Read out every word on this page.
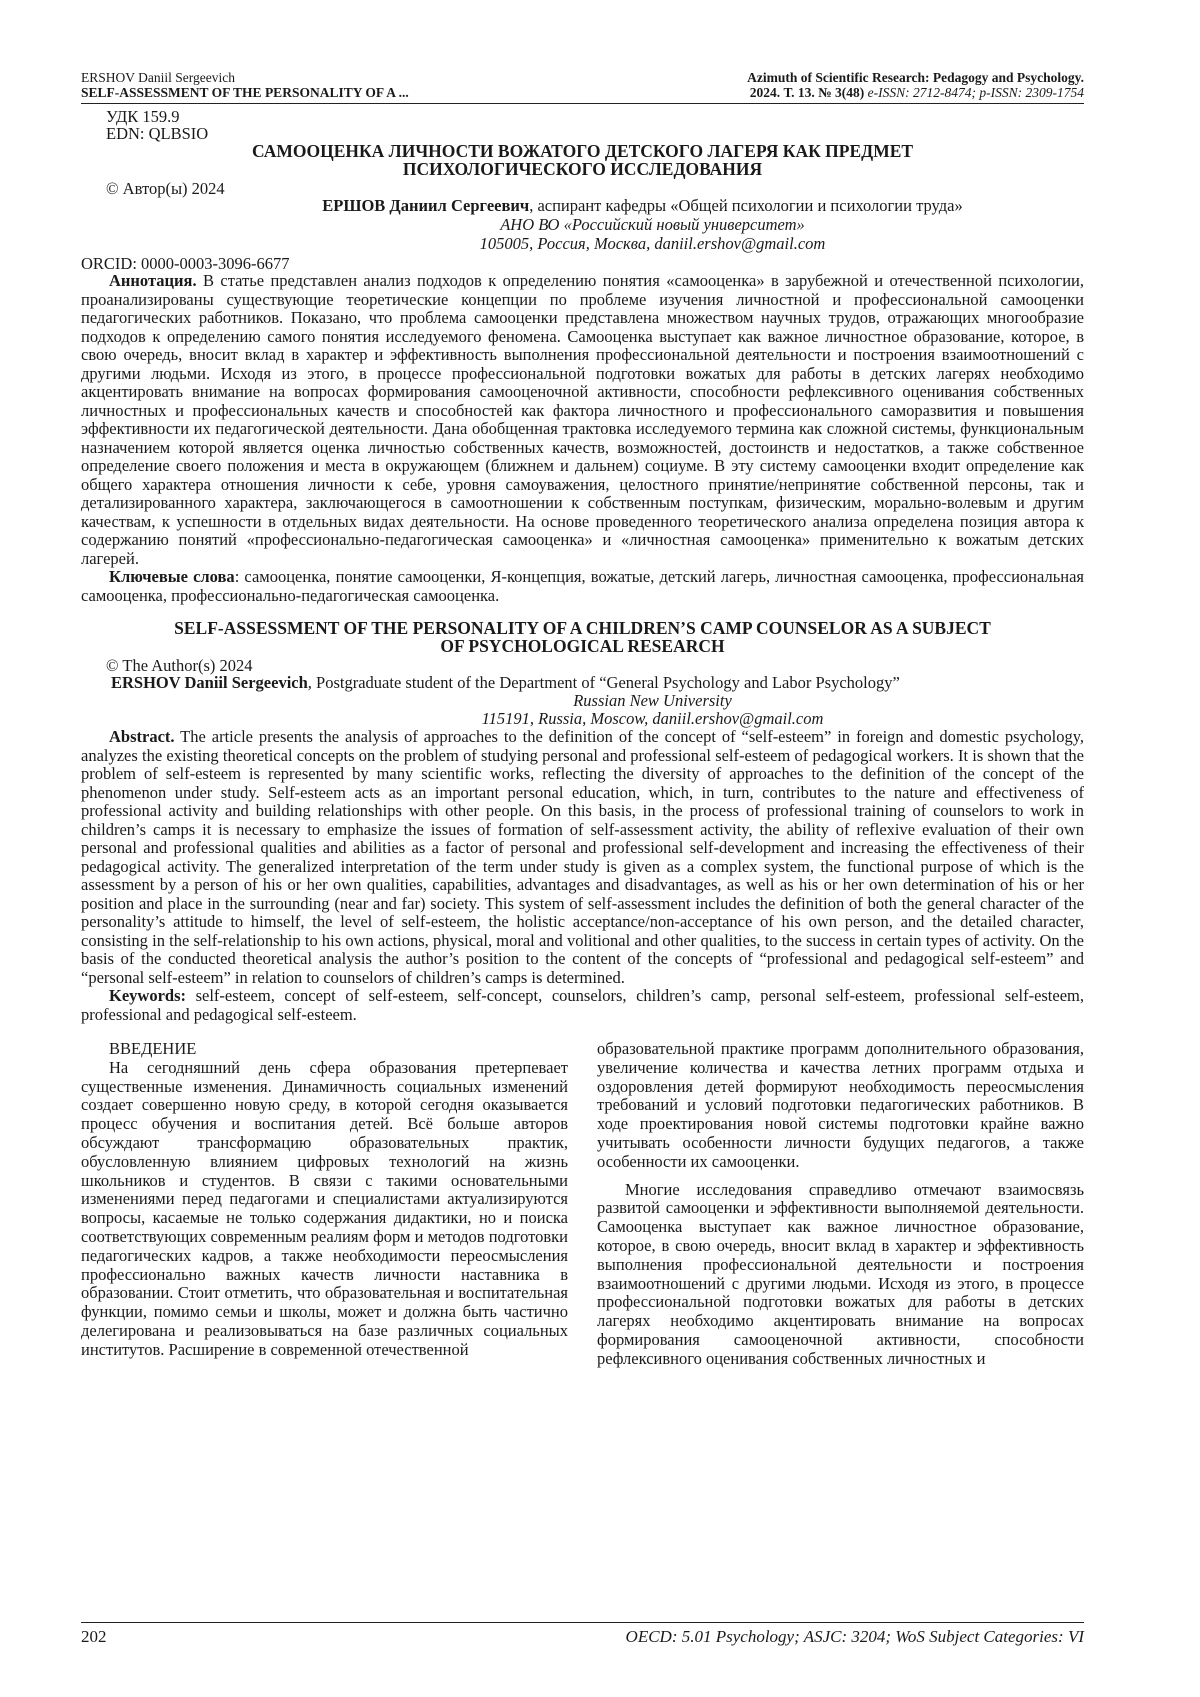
ERSHOV Daniil Sergeevich
SELF-ASSESSMENT OF THE PERSONALITY OF A ...
Azimuth of Scientific Research: Pedagogy and Psychology.
2024. Т. 13. № 3(48) e-ISSN: 2712-8474; p-ISSN: 2309-1754
УДК 159.9
EDN: QLBSIO
САМООЦЕНКА ЛИЧНОСТИ ВОЖАТОГО ДЕТСКОГО ЛАГЕРЯ КАК ПРЕДМЕТ
ПСИХОЛОГИЧЕСКОГО ИССЛЕДОВАНИЯ
© Автор(ы) 2024
ЕРШОВ Даниил Сергеевич, аспирант кафедры «Общей психологии и психологии труда»
АНО ВО «Российский новый университет»
105005, Россия, Москва, daniil.ershov@gmail.com
ORCID: 0000-0003-3096-6677

Аннотация. В статье представлен анализ подходов к определению понятия «самооценка» в зарубежной и отечественной психологии, проанализированы существующие теоретические концепции по проблеме изучения личностной и профессиональной самооценки педагогических работников. Показано, что проблема самооценки представлена множеством научных трудов, отражающих многообразие подходов к определению самого понятия исследуемого феномена. Самооценка выступает как важное личностное образование, которое, в свою очередь, вносит вклад в характер и эффективность выполнения профессиональной деятельности и построения взаимоотношений с другими людьми. Исходя из этого, в процессе профессиональной подготовки вожатых для работы в детских лагерях необходимо акцентировать внимание на вопросах формирования самооценочной активности, способности рефлексивного оценивания собственных личностных и профессиональных качеств и способностей как фактора личностного и профессионального саморазвития и повышения эффективности их педагогической деятельности. Дана обобщенная трактовка исследуемого термина как сложной системы, функциональным назначением которой является оценка личностью собственных качеств, возможностей, достоинств и недостатков, а также собственное определение своего положения и места в окружающем (ближнем и дальнем) социуме. В эту систему самооценки входит определение как общего характера отношения личности к себе, уровня самоуважения, целостного принятие/непринятие собственной персоны, так и детализированного характера, заключающегося в самоотношении к собственным поступкам, физическим, морально-волевым и другим качествам, к успешности в отдельных видах деятельности. На основе проведенного теоретического анализа определена позиция автора к содержанию понятий «профессионально-педагогическая самооценка» и «личностная самооценка» применительно к вожатым детских лагерей.

Ключевые слова: самооценка, понятие самооценки, Я-концепция, вожатые, детский лагерь, личностная самооценка, профессиональная самооценка, профессионально-педагогическая самооценка.

SELF-ASSESSMENT OF THE PERSONALITY OF A CHILDREN’S CAMP COUNSELOR AS A SUBJECT
OF PSYCHOLOGICAL RESEARCH
© The Author(s) 2024
ERSHOV Daniil Sergeevich, Postgraduate student of the Department of “General Psychology and Labor Psychology”
Russian New University
115191, Russia, Moscow, daniil.ershov@gmail.com

Abstract. The article presents the analysis of approaches to the definition of the concept of “self-esteem” in foreign and domestic psychology, analyzes the existing theoretical concepts on the problem of studying personal and professional self-esteem of pedagogical workers. It is shown that the problem of self-esteem is represented by many scientific works, reflecting the diversity of approaches to the definition of the concept of the phenomenon under study. Self-esteem acts as an important personal education, which, in turn, contributes to the nature and effectiveness of professional activity and building relationships with other people. On this basis, in the process of professional training of counselors to work in children’s camps it is necessary to emphasize the issues of formation of self-assessment activity, the ability of reflexive evaluation of their own personal and professional qualities and abilities as a factor of personal and professional self-development and increasing the effectiveness of their pedagogical activity. The generalized interpretation of the term under study is given as a complex system, the functional purpose of which is the assessment by a person of his or her own qualities, capabilities, advantages and disadvantages, as well as his or her own determination of his or her position and place in the surrounding (near and far) society. This system of self-assessment includes the definition of both the general character of the personality’s attitude to himself, the level of self-esteem, the holistic acceptance/non-acceptance of his own person, and the detailed character, consisting in the self-relationship to his own actions, physical, moral and volitional and other qualities, to the success in certain types of activity. On the basis of the conducted theoretical analysis the author’s position to the content of the concepts of “professional and pedagogical self-esteem” and “personal self-esteem” in relation to counselors of children’s camps is determined.

Keywords: self-esteem, concept of self-esteem, self-concept, counselors, children’s camp, personal self-esteem, professional self-esteem, professional and pedagogical self-esteem.

ВВЕДЕНИЕ

На сегодняшний день сфера образования претерпевает существенные изменения. Динамичность социальных изменений создает совершенно новую среду, в которой сегодня оказывается процесс обучения и воспитания детей. Всё больше авторов обсуждают трансформацию образовательных практик, обусловленную влиянием цифровых технологий на жизнь школьников и студентов. В связи с такими основательными изменениями перед педагогами и специалистами актуализируются вопросы, касаемые не только содержания дидактики, но и поиска соответствующих современным реалиям форм и методов подготовки педагогических кадров, а также необходимости переосмысления профессионально важных качеств личности наставника в образовании. Стоит отметить, что образовательная и воспитательная функции, помимо семьи и школы, может и должна быть частично делегирована и реализовываться на базе различных социальных институтов. Расширение в современной отечественной

образовательной практике программ дополнительного образования, увеличение количества и качества летних программ отдыха и оздоровления детей формируют необходимость переосмысления требований и условий подготовки педагогических работников. В ходе проектирования новой системы подготовки крайне важно учитывать особенности личности будущих педагогов, а также особенности их самооценки.

Многие исследования справедливо отмечают взаимосвязь развитой самооценки и эффективности выполняемой деятельности. Самооценка выступает как важное личностное образование, которое, в свою очередь, вносит вклад в характер и эффективность выполнения профессиональной деятельности и построения взаимоотношений с другими людьми. Исходя из этого, в процессе профессиональной подготовки вожатых для работы в детских лагерях необходимо акцентировать внимание на вопросах формирования самооценочной активности, способности рефлексивного оценивания собственных личностных и

202	OECD: 5.01 Psychology; ASJC: 3204; WoS Subject Categories: VI
